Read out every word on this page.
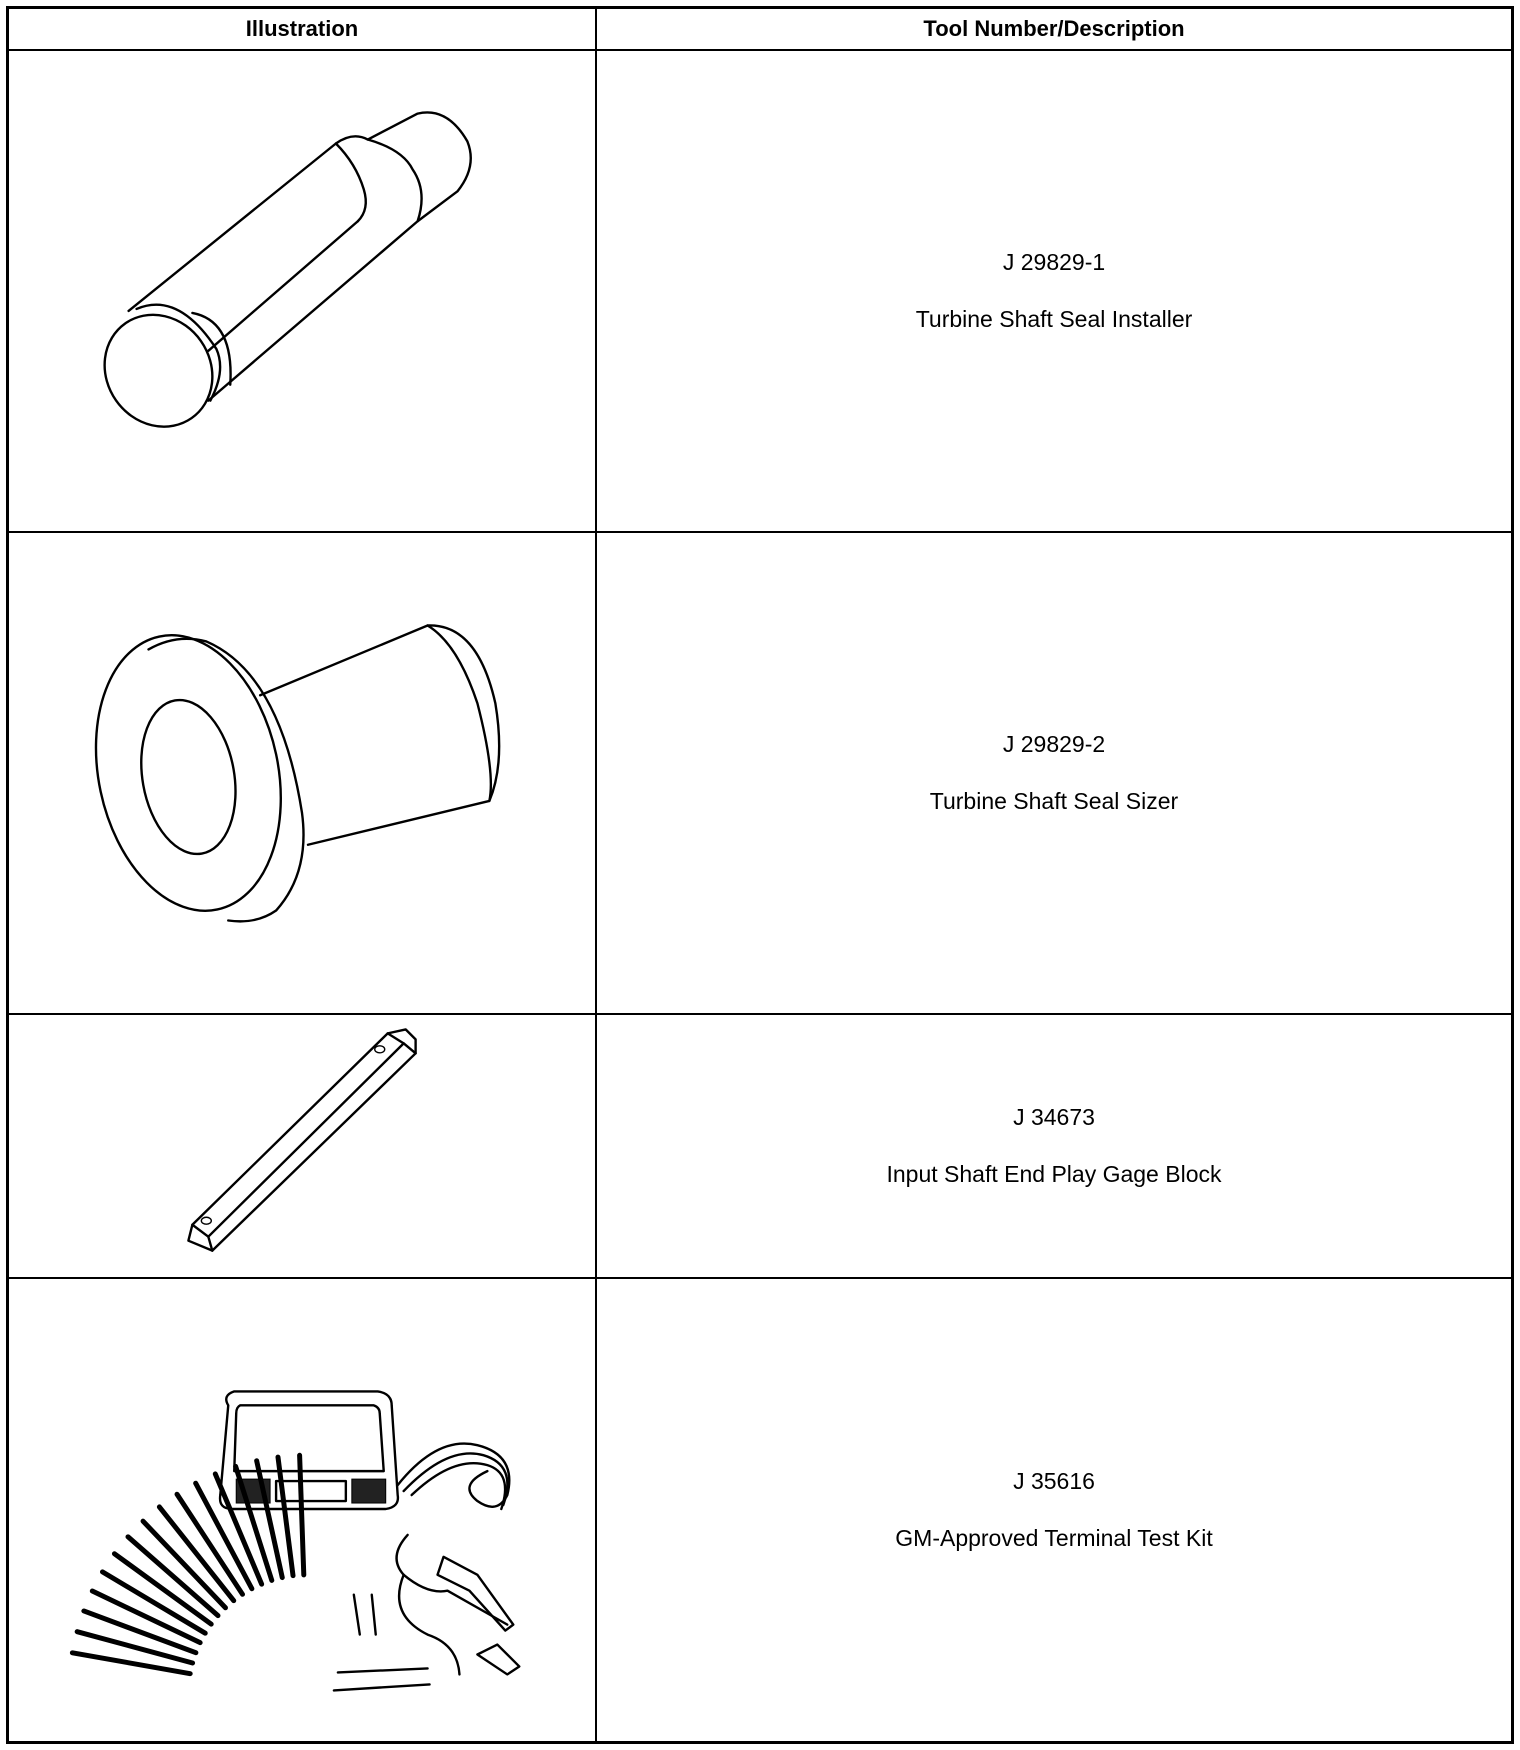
Illustration	Tool Number/Description
J 29829-1
Turbine Shaft Seal Installer
J 29829-2
Turbine Shaft Seal Sizer
J 34673
Input Shaft End Play Gage Block
J 35616
GM-Approved Terminal Test Kit
